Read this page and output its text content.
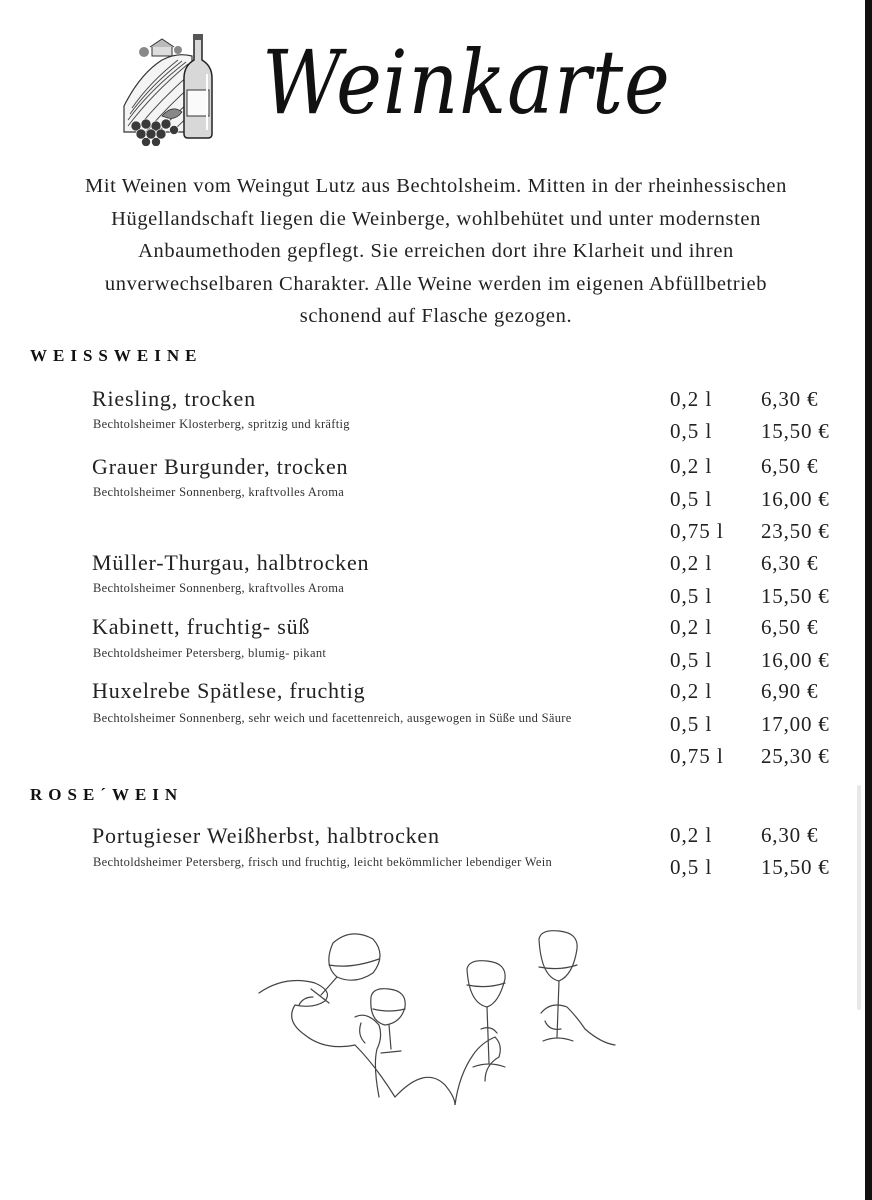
Weinkarte
Mit Weinen vom Weingut Lutz aus Bechtolsheim. Mitten in der rheinhessischen
Hügellandschaft liegen die Weinberge, wohlbehütet und unter modernsten
Anbaumethoden gepflegt. Sie erreichen dort ihre Klarheit und ihren
unverwechselbaren Charakter. Alle Weine werden im eigenen Abfüllbetrieb
schonend auf Flasche gezogen.
WEISSWEINE
Riesling, trocken
Bechtolsheimer Klosterberg, spritzig und kräftig
0,2 l 6,30 €
0,5 l 15,50 €
Grauer Burgunder, trocken
Bechtolsheimer Sonnenberg, kraftvolles Aroma
0,2 l 6,50 €
0,5 l 16,00 €
0,75 l 23,50 €
Müller-Thurgau, halbtrocken
Bechtolsheimer Sonnenberg, kraftvolles Aroma
0,2 l 6,30 €
0,5 l 15,50 €
Kabinett, fruchtig- süß
Bechtoldsheimer Petersberg, blumig- pikant
0,2 l 6,50 €
0,5 l 16,00 €
Huxelrebe Spätlese, fruchtig
Bechtolsheimer Sonnenberg, sehr weich und facettenreich, ausgewogen in Süße und Säure
0,2 l 6,90 €
0,5 l 17,00 €
0,75 l 25,30 €
ROSE´WEIN
Portugieser Weißherbst, halbtrocken
Bechtoldsheimer Petersberg, frisch und fruchtig, leicht bekömmlicher lebendiger Wein
0,2 l 6,30 €
0,5 l 15,50 €
